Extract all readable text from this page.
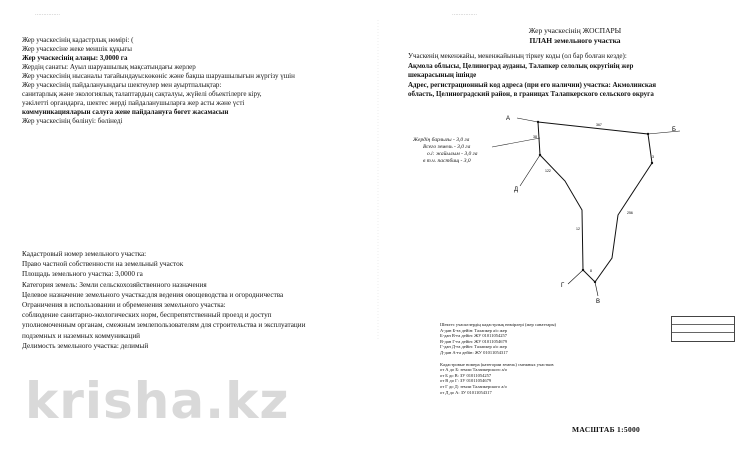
……………	……………
Жер учаскесінің кадастрлық нөмірі: (
Жер учаскесіне жеке меншік құқығы
Жер учаскесінің алаңы: 3,0000 га
Жердің санаты: Ауыл шаруашылық мақсатындағы жерлер
Жер учаскесінің нысаналы тағайындауы:көкөніс және бақша шаруашылығын жүргізу үшін
Жер учаскесінің пайдалануындағы шектеулер мен ауыртпалықтар:
санитарлық және экологиялық талаптардың сақталуы, жүйелі объектілерге кіру,
уәкілетті органдарға, шектес жерді пайдаланушыларға жер асты және үсті
коммуникацияларын салуға жене пайдалануға бөгет жасамасын
Жер учаскесінің бөлінуі: бөлінеді
Кадастровый номер земельного участка:
Право частной собственности на земельный участок
Площадь земельного участка: 3,0000 га
Категория земель: Земли сельскохозяйственного назначения
Целевое назначение земельного участка:для ведения овощеводства и огородничества
Ограничения в использовании и обременения земельного участка:
соблюдение санитарно-экологических норм, беспрепятственный проезд и доступ
уполномоченным органам, смежным землепользователям для строительства и эксплуатации
подземных и наземных коммуникаций
Делимость земельного участка: делимый
Жер учаскесінің ЖОСПАРЫ
ПЛАН земельного участка
Учаскенің мекенжайы, мекенжайының тіркеу коды (ол бар болған кезде):
Ақмола облысы, Целиноград ауданы, Талапкер селолық округінің жер
шекарасының ішінде
Адрес, регистрационный код адреса (при его наличии) участка: Акмолинская
область, Целиноградский район, в границах Талапкерского сельского округа
Жердің барлығы - 3,0 га
Всего земель - 3,0 га
о.і: жайылым - 3,0 га
в т.ч. пастбищ - 3,0
А
Б
В
Г
Д
38
367
3
122
256
8
12
Шектес учаскелердің кадастрлық нөмірлері (жер санаттары)
А-дан Б-ға дейін: Талапкер а/о жер
Б-дан В-ға дейін: ЖУ 01011054257
В-дан Г-ға дейін: ЖУ 01011054679
Г-дан Д-ға дейін: Талапкер а/о жер
Д-дан А-ға дейін: ЖУ 01011054317
Кадастровые номера (категории земель) смежных участков
от А до Б: земли Талапкерского а/о
от Б до В: ЗУ 01011054257
от В до Г: ЗУ 01011054679
от Г до Д: земли Талапкерского а/о
от Д до А: ЗУ 01011054317
МАСШТАБ 1:5000
krisha.kz
